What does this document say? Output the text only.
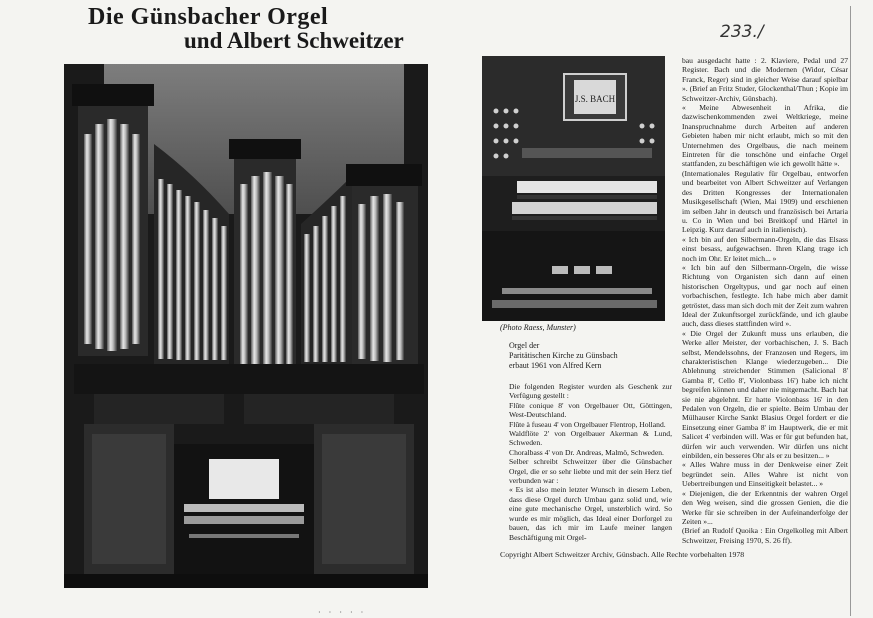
Die Günsbacher Orgel
und Albert Schweitzer	233./
J.S. BACH
(Photo Raess, Munster)
Orgel der
Paritätischen Kirche zu Günsbach
erbaut 1961 von Alfred Kern

Die folgenden Register wurden als Geschenk zur Verfügung gestellt :

Flûte conique 8' von Orgelbauer Ott, Göttingen, West-Deutschland.

Flûte à fuseau 4' von Orgelbauer Flentrop, Holland.

Waldflöte 2' von Orgelbauer Akerman & Lund, Schweden.

Choralbass 4' von Dr. Andreas, Malmö, Schweden.

Selber schreibt Schweitzer über die Günsbacher Orgel, die er so sehr liebte und mit der sein Herz tief verbunden war :

« Es ist also mein letzter Wunsch in diesem Leben, dass diese Orgel durch Umbau ganz solid und, wie eine gute mechanische Orgel, unsterblich wird. So wurde es mir möglich, das Ideal einer Dorforgel zu bauen, das ich mir im Laufe meiner langen Beschäftigung mit Orgel-

bau ausgedacht hatte : 2. Klaviere, Pedal und 27 Register. Bach und die Modernen (Widor, César Franck, Reger) sind in gleicher Weise darauf spielbar ». (Brief an Fritz Studer, Glockenthal/Thun ; Kopie im Schweitzer-Archiv, Günsbach).

« Meine Abwesenheit in Afrika, die dazwischenkommenden zwei Weltkriege, meine Inanspruchnahme durch Arbeiten auf anderen Gebieten haben mir nicht erlaubt, mich so mit den Unternehmen des Orgelbaus, die nach meinem Eintreten für die tonschöne und einfache Orgel stattfanden, zu beschäftigen wie ich gewollt hätte ».

(Internationales Regulativ für Orgelbau, entworfen und bearbeitet von Albert Schweitzer auf Verlangen des Dritten Kongresses der Internationalen Musikgesellschaft (Wien, Mai 1909) und erschienen im selben Jahr in deutsch und französisch bei Artaria u. Co in Wien und bei Breitkopf und Härtel in Leipzig. Kurz darauf auch in italienisch).

« Ich bin auf den Silbermann-Orgeln, die das Elsass einst besass, aufgewachsen. Ihren Klang trage ich noch im Ohr. Er leitet mich... »

« Ich bin auf den Silbermann-Orgeln, die wisse Richtung von Organisten sich dann auf einen historischen Orgeltypus, und gar noch auf einen vorbachischen, festlegte. Ich habe mich aber damit getröstet, dass man sich doch mit der Zeit zum wahren Ideal der Zukunftsorgel zurückfände, und ich glaube auch, dass dieses stattfinden wird ».

« Die Orgel der Zukunft muss uns erlauben, die Werke aller Meister, der vorbachischen, J. S. Bach selbst, Mendelssohns, der Franzosen und Regers, im charakteristischen Klange wiederzugeben... Die Ablehnung streichender Stimmen (Salicional 8' Gamba 8', Cello 8', Violonbass 16') habe ich nicht begreifen können und daher nie mitgemacht. Bach hat sie nie abgelehnt. Er hatte Violonbass 16' in den Pedalen von Orgeln, die er spielte. Beim Umbau der Mülhauser Kirche Sankt Blasius Orgel fordert er die Einsetzung einer Gamba 8' im Hauptwerk, die er mit Salicet 4' verbinden will. Was er für gut befunden hat, dürfen wir auch verwenden. Wir dürfen uns nicht einbilden, ein besseres Ohr als er zu besitzen... »

« Alles Wahre muss in der Denkweise einer Zeit begründet sein. Alles Wahre ist nicht von Uebertreibungen und Einseitigkeit belastet... »

« Diejenigen, die der Erkenntnis der wahren Orgel den Weg weisen, sind die grossen Genien, die die Werke für sie schreiben in der Aufeinanderfolge der Zeiten »...

(Brief an Rudolf Quoika : Ein Orgelkolleg mit Albert Schweitzer, Freising 1970, S. 26 ff).

Copyright Albert Schweitzer Archiv, Günsbach. Alle Rechte vorbehalten 1978
· · · · ·
